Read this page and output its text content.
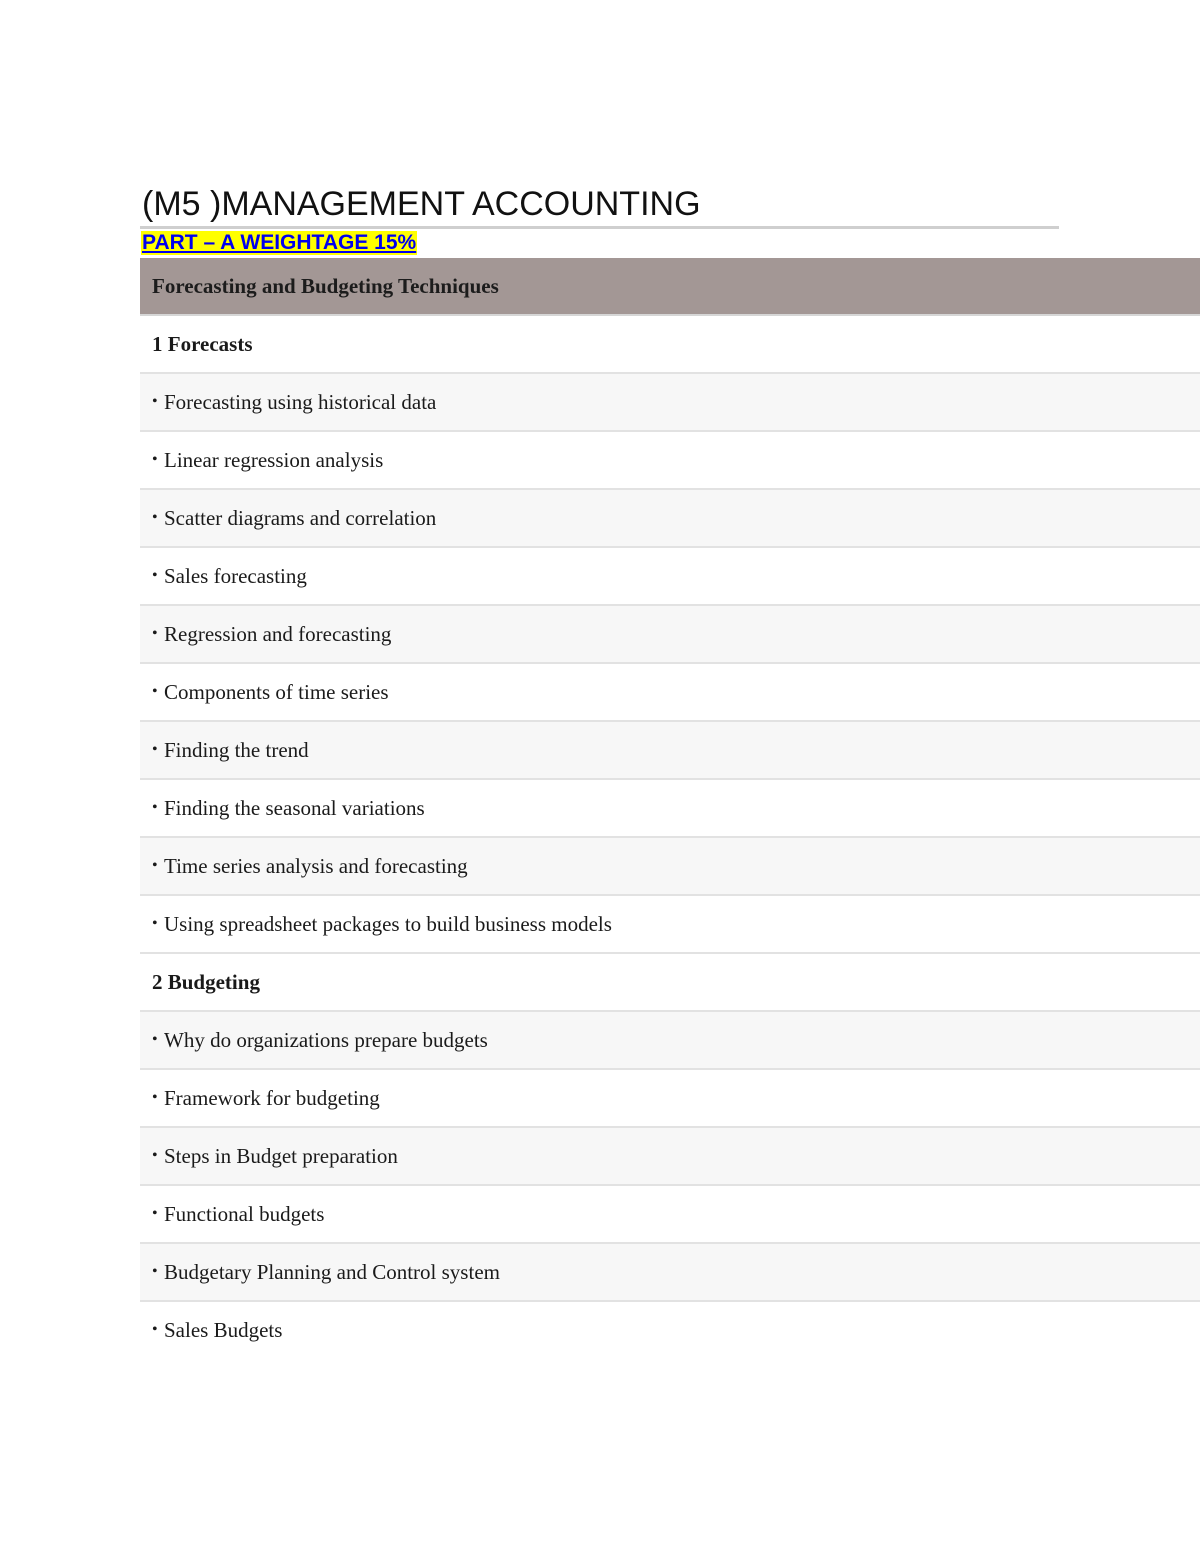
(M5 )MANAGEMENT ACCOUNTING
PART – A WEIGHTAGE 15%
Forecasting and Budgeting Techniques
1 Forecasts
• Forecasting using historical data
• Linear regression analysis
• Scatter diagrams and correlation
• Sales forecasting
• Regression and forecasting
• Components of time series
• Finding the trend
• Finding the seasonal variations
• Time series analysis and forecasting
• Using spreadsheet packages to build business models
2 Budgeting
• Why do organizations prepare budgets
• Framework for budgeting
• Steps in Budget preparation
• Functional budgets
• Budgetary Planning and Control system
• Sales Budgets
